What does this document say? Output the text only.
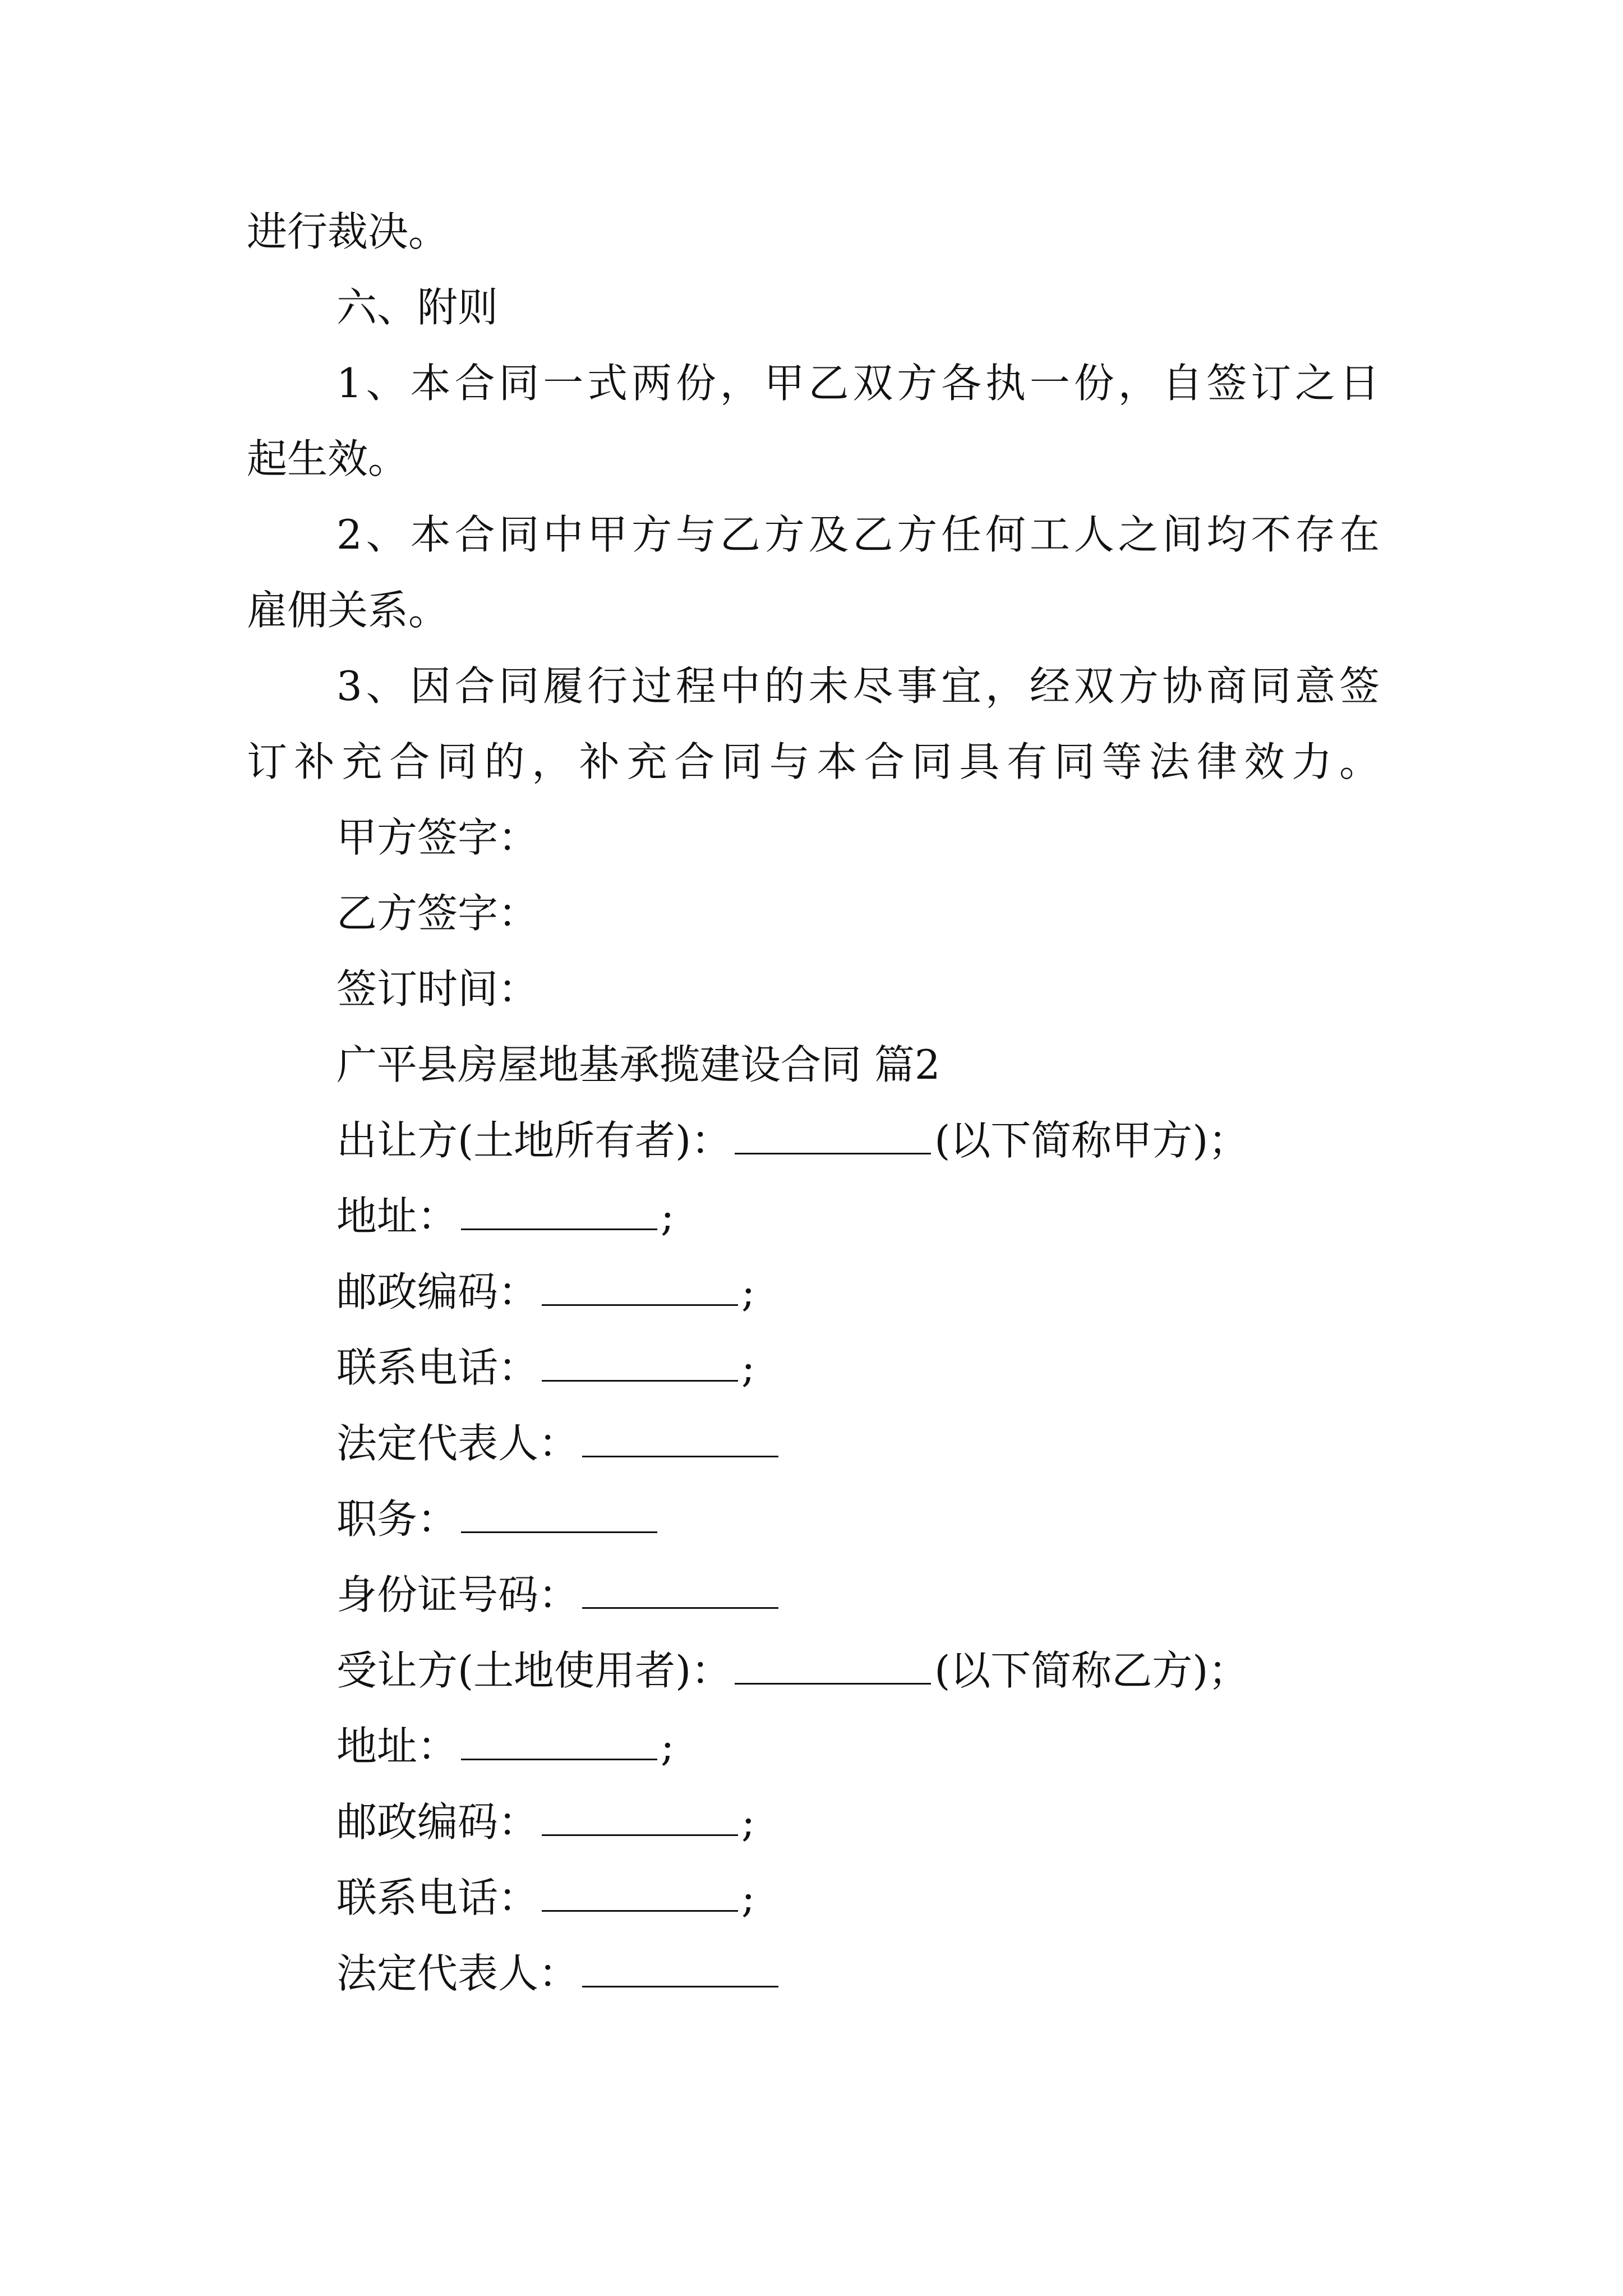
进行裁决。
六、附则
1、本合同一式两份，甲乙双方各执一份，自签订之日
起生效。
2、本合同中甲方与乙方及乙方任何工人之间均不存在
雇佣关系。
3、因合同履行过程中的未尽事宜，经双方协商同意签
订补充合同的，补充合同与本合同具有同等法律效力。
甲方签字：
乙方签字：
签订时间：
广平县房屋地基承揽建设合同 篇2
出让方(土地所有者)：	(以下简称甲方)；
地址：	;
邮政编码：	;
联系电话：	;
法定代表人：
职务：
身份证号码：
受让方(土地使用者)：	(以下简称乙方)；
地址：	;
邮政编码：	;
联系电话：	;
法定代表人：
